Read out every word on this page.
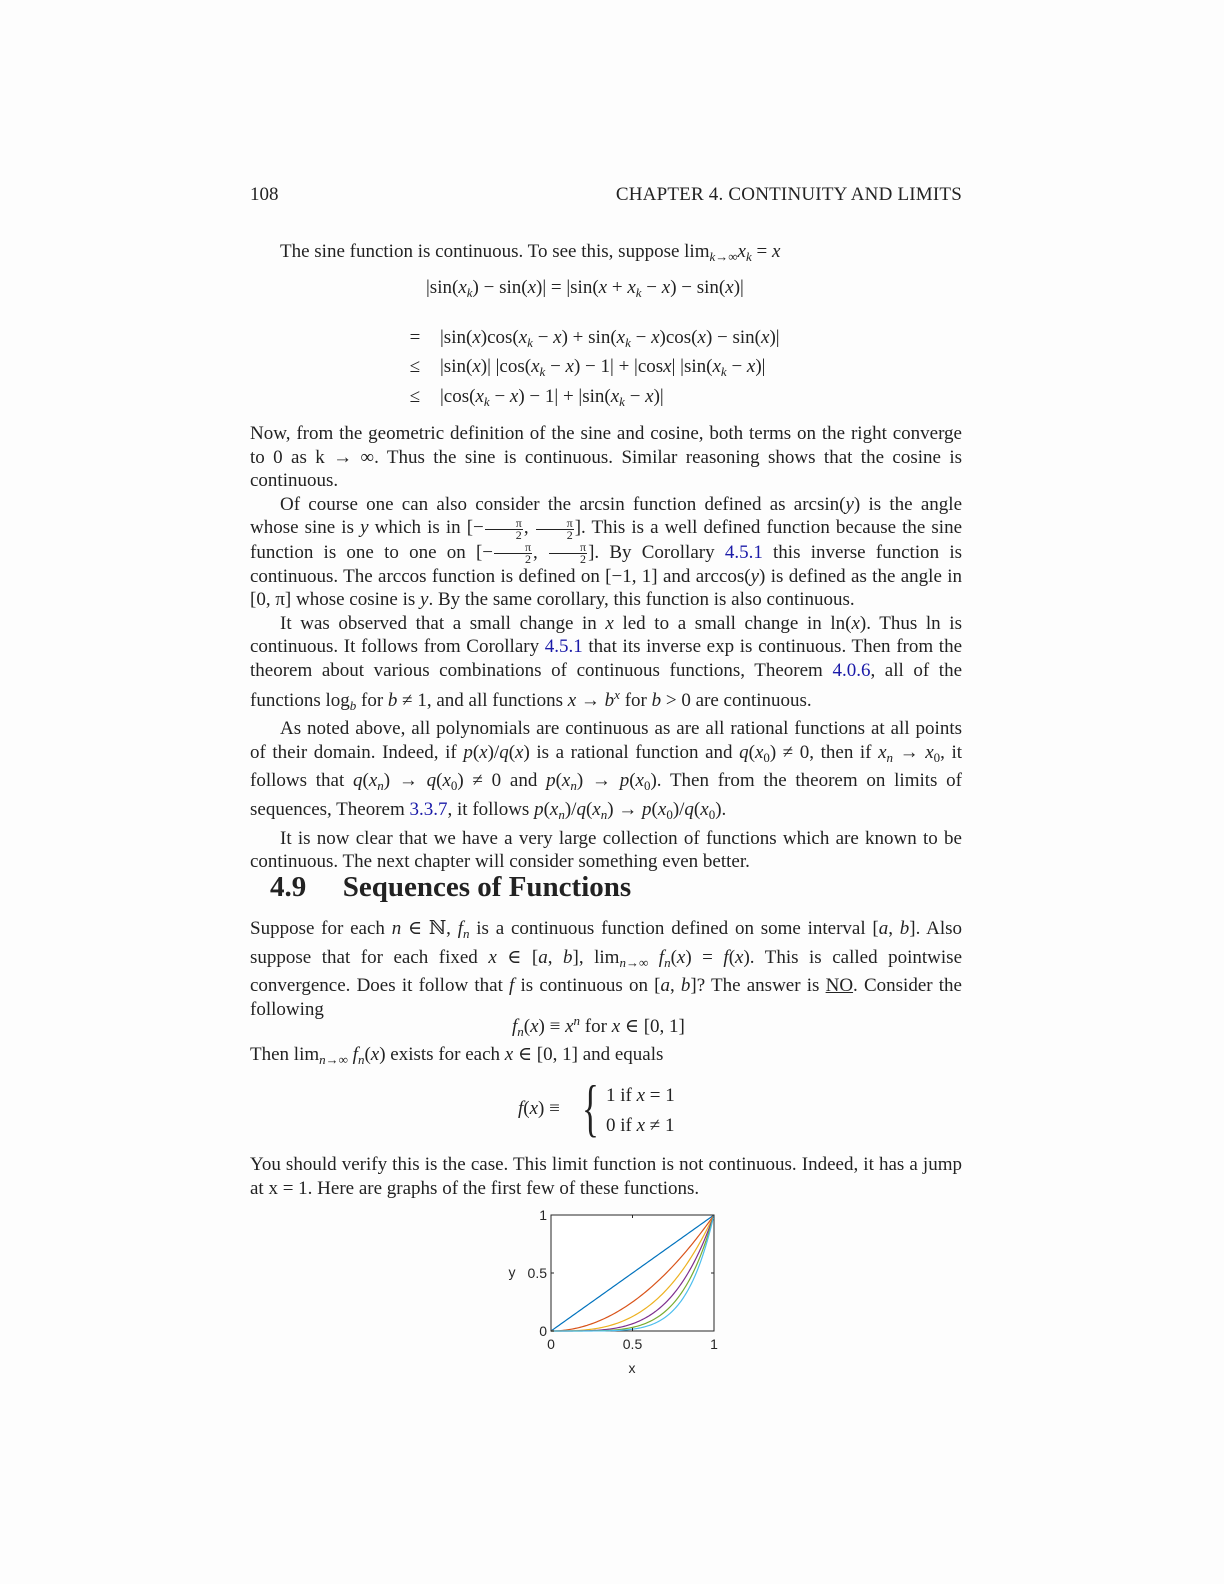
108	CHAPTER 4. CONTINUITY AND LIMITS
The sine function is continuous. To see this, suppose $\lim_{k\to\infty}x_k = x$
$|\sin(x_k) - \sin(x)| = |\sin(x + x_k - x) - \sin(x)|$
=	$|\sin(x)\cos(x_k - x) + \sin(x_k - x)\cos(x) - \sin(x)|$
≤	|sin(x)| $|\cos(x_k - x) - 1| + |\cos x|$ $|\sin(x_k - x)|$
≤	$|\cos(x_k - x) - 1| + |\sin(x_k - x)|$

Now, from the geometric definition of the sine and cosine, both terms on the right converge to 0 as k → ∞. Thus the sine is continuous. Similar reasoning shows that the cosine is continuous.

Of course one can also consider the arcsin function defined as arcsin(y) is the angle whose sine is y which is in [− $\frac{\pi}{2}$ , $\frac{\pi}{2}$ ]. This is a well defined function because the sine function is one to one on [− $\frac{\pi}{2}$ , $\frac{\pi}{2}$ ]. By Corollary 4.5.1 this inverse function is continuous. The arccos function is defined on [−1, 1] and arccos(y) is defined as the angle in [0, π] whose cosine is y. By the same corollary, this function is also continuous.

It was observed that a small change in x led to a small change in ln(x). Thus ln is continuous. It follows from Corollary 4.5.1 that its inverse exp is continuous. Then from the theorem about various combinations of continuous functions, Theorem 4.0.6, all of the functions $\log_b$ for b ≠ 1, and all functions $x \to b^x$ for b > 0 are continuous.

As noted above, all polynomials are continuous as are all rational functions at all points of their domain. Indeed, if p(x)/q(x) is a rational function and $q(x_0) \ne 0$, then if $x_n \to x_0$, it follows that $q(x_n) \to q(x_0) \ne 0$ and $p(x_n) \to p(x_0)$. Then from the theorem on limits of sequences, Theorem 3.3.7, it follows $p(x_n)/q(x_n) \to p(x_0)/q(x_0)$.

It is now clear that we have a very large collection of functions which are known to be continuous. The next chapter will consider something even better.

4.9 Sequences of Functions

Suppose for each n ∈ ℕ, $f_n$ is a continuous function defined on some interval [a, b]. Also suppose that for each fixed x ∈ [a, b], $\lim_{n\to\infty} f_n(x) = f(x)$. This is called pointwise convergence. Does it follow that f is continuous on [a, b]? The answer is NO. Consider the following

$f_n(x) \equiv x^n$ for x ∈ [0, 1]
Then $\lim_{n\to\infty} f_n(x)$ exists for each x ∈ [0, 1] and equals
f(x) ≡ { 1 if x = 1
0 if x ≠ 1

You should verify this is the case. This limit function is not continuous. Indeed, it has a jump at x = 1. Here are graphs of the first few of these functions.

0	0.5	1
0
0.5
1
y
x
